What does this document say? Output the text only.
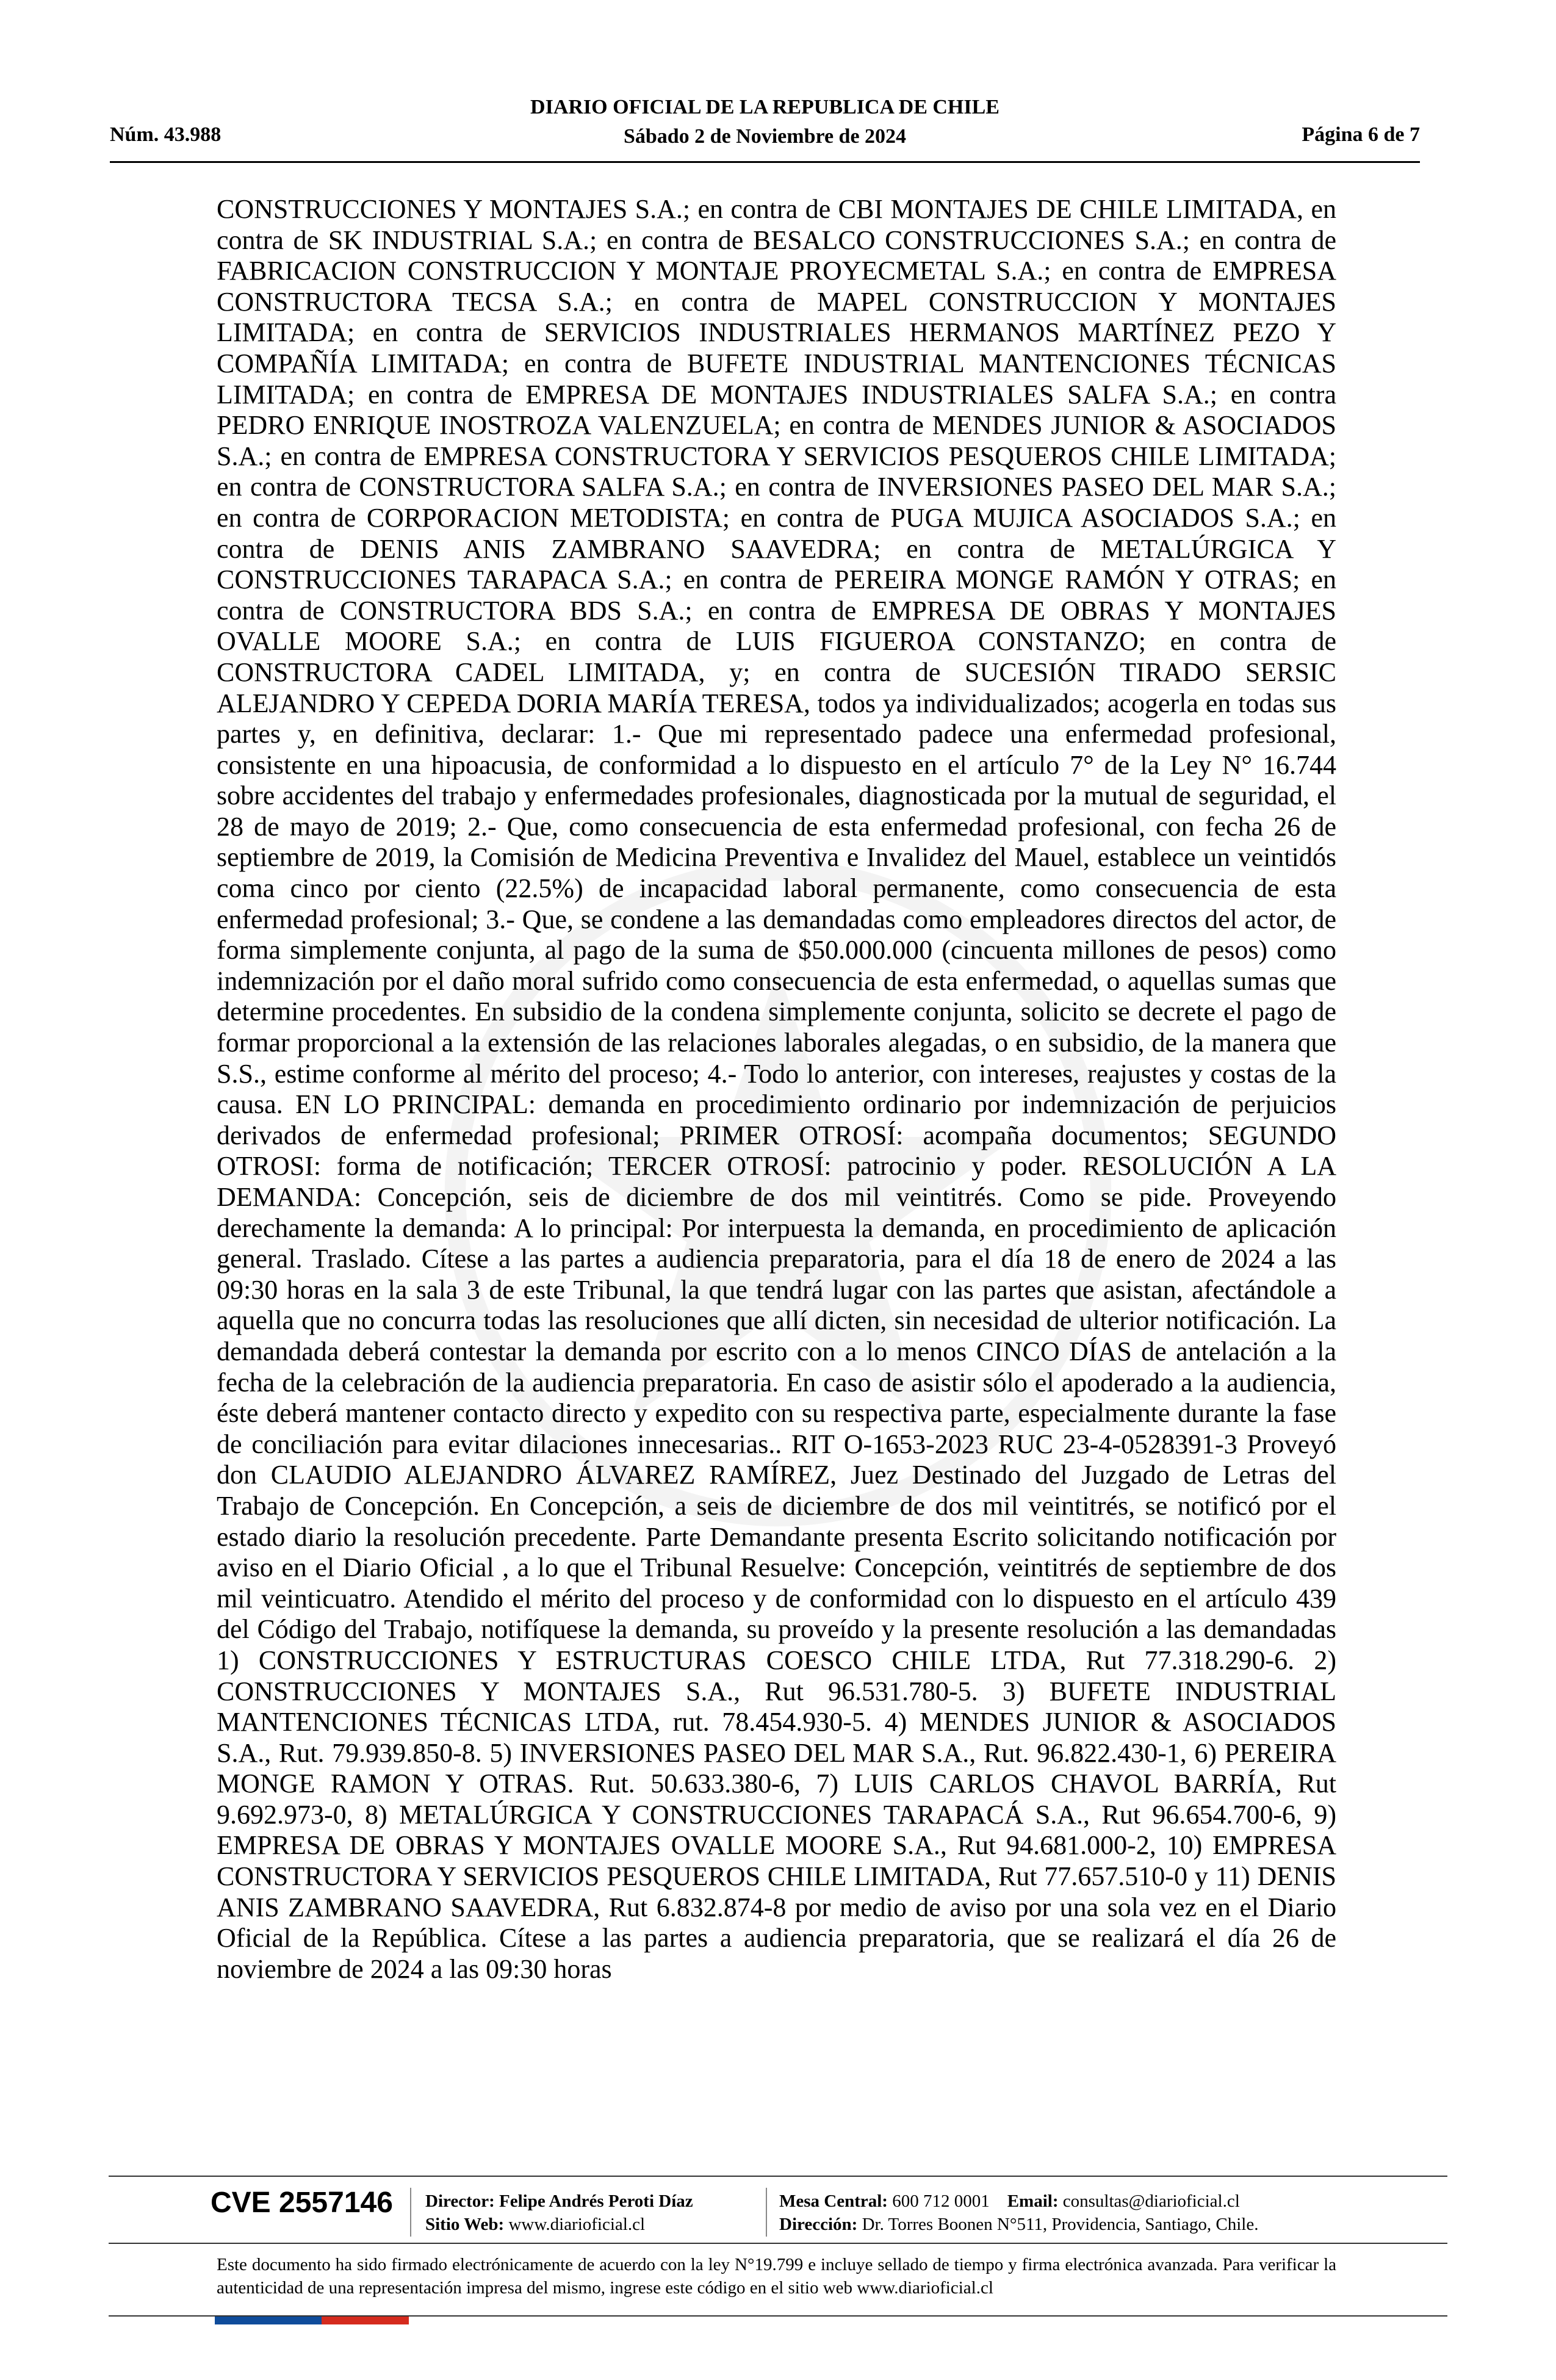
Núm. 43.988
DIARIO OFICIAL DE LA REPUBLICA DE CHILE
Sábado 2 de Noviembre de 2024	Página 6 de 7

CONSTRUCCIONES Y MONTAJES S.A.; en contra de CBI MONTAJES DE CHILE LIMITADA, en contra de SK INDUSTRIAL S.A.; en contra de BESALCO CONSTRUCCIONES S.A.; en contra de FABRICACION CONSTRUCCION Y MONTAJE PROYECMETAL S.A.; en contra de EMPRESA CONSTRUCTORA TECSA S.A.; en contra de MAPEL CONSTRUCCION Y MONTAJES LIMITADA; en contra de SERVICIOS INDUSTRIALES HERMANOS MARTÍNEZ PEZO Y COMPAÑÍA LIMITADA; en contra de BUFETE INDUSTRIAL MANTENCIONES TÉCNICAS LIMITADA; en contra de EMPRESA DE MONTAJES INDUSTRIALES SALFA S.A.; en contra PEDRO ENRIQUE INOSTROZA VALENZUELA; en contra de MENDES JUNIOR & ASOCIADOS S.A.; en contra de EMPRESA CONSTRUCTORA Y SERVICIOS PESQUEROS CHILE LIMITADA; en contra de CONSTRUCTORA SALFA S.A.; en contra de INVERSIONES PASEO DEL MAR S.A.; en contra de CORPORACION METODISTA; en contra de PUGA MUJICA ASOCIADOS S.A.; en contra de DENIS ANIS ZAMBRANO SAAVEDRA; en contra de METALÚRGICA Y CONSTRUCCIONES TARAPACA S.A.; en contra de PEREIRA MONGE RAMÓN Y OTRAS; en contra de CONSTRUCTORA BDS S.A.; en contra de EMPRESA DE OBRAS Y MONTAJES OVALLE MOORE S.A.; en contra de LUIS FIGUEROA CONSTANZO; en contra de CONSTRUCTORA CADEL LIMITADA, y; en contra de SUCESIÓN TIRADO SERSIC ALEJANDRO Y CEPEDA DORIA MARÍA TERESA, todos ya individualizados; acogerla en todas sus partes y, en definitiva, declarar: 1.- Que mi representado padece una enfermedad profesional, consistente en una hipoacusia, de conformidad a lo dispuesto en el artículo 7° de la Ley N° 16.744 sobre accidentes del trabajo y enfermedades profesionales, diagnosticada por la mutual de seguridad, el 28 de mayo de 2019; 2.- Que, como consecuencia de esta enfermedad profesional, con fecha 26 de septiembre de 2019, la Comisión de Medicina Preventiva e Invalidez del Mauel, establece un veintidós coma cinco por ciento (22.5%) de incapacidad laboral permanente, como consecuencia de esta enfermedad profesional; 3.- Que, se condene a las demandadas como empleadores directos del actor, de forma simplemente conjunta, al pago de la suma de $50.000.000 (cincuenta millones de pesos) como indemnización por el daño moral sufrido como consecuencia de esta enfermedad, o aquellas sumas que determine procedentes. En subsidio de la condena simplemente conjunta, solicito se decrete el pago de formar proporcional a la extensión de las relaciones laborales alegadas, o en subsidio, de la manera que S.S., estime conforme al mérito del proceso; 4.- Todo lo anterior, con intereses, reajustes y costas de la causa. EN LO PRINCIPAL: demanda en procedimiento ordinario por indemnización de perjuicios derivados de enfermedad profesional; PRIMER OTROSÍ: acompaña documentos; SEGUNDO OTROSI: forma de notificación; TERCER OTROSÍ: patrocinio y poder. RESOLUCIÓN A LA DEMANDA: Concepción, seis de diciembre de dos mil veintitrés. Como se pide. Proveyendo derechamente la demanda: A lo principal: Por interpuesta la demanda, en procedimiento de aplicación general. Traslado. Cítese a las partes a audiencia preparatoria, para el día 18 de enero de 2024 a las 09:30 horas en la sala 3 de este Tribunal, la que tendrá lugar con las partes que asistan, afectándole a aquella que no concurra todas las resoluciones que allí dicten, sin necesidad de ulterior notificación. La demandada deberá contestar la demanda por escrito con a lo menos CINCO DÍAS de antelación a la fecha de la celebración de la audiencia preparatoria. En caso de asistir sólo el apoderado a la audiencia, éste deberá mantener contacto directo y expedito con su respectiva parte, especialmente durante la fase de conciliación para evitar dilaciones innecesarias.. RIT O-1653-2023 RUC 23-4-0528391-3 Proveyó don CLAUDIO ALEJANDRO ÁLVAREZ RAMÍREZ, Juez Destinado del Juzgado de Letras del Trabajo de Concepción. En Concepción, a seis de diciembre de dos mil veintitrés, se notificó por el estado diario la resolución precedente. Parte Demandante presenta Escrito solicitando notificación por aviso en el Diario Oficial , a lo que el Tribunal Resuelve: Concepción, veintitrés de septiembre de dos mil veinticuatro. Atendido el mérito del proceso y de conformidad con lo dispuesto en el artículo 439 del Código del Trabajo, notifíquese la demanda, su proveído y la presente resolución a las demandadas 1) CONSTRUCCIONES Y ESTRUCTURAS COESCO CHILE LTDA, Rut 77.318.290-6. 2) CONSTRUCCIONES Y MONTAJES S.A., Rut 96.531.780-5. 3) BUFETE INDUSTRIAL MANTENCIONES TÉCNICAS LTDA, rut. 78.454.930-5. 4) MENDES JUNIOR & ASOCIADOS S.A., Rut. 79.939.850-8. 5) INVERSIONES PASEO DEL MAR S.A., Rut. 96.822.430-1, 6) PEREIRA MONGE RAMON Y OTRAS. Rut. 50.633.380-6, 7) LUIS CARLOS CHAVOL BARRÍA, Rut 9.692.973-0, 8) METALÚRGICA Y CONSTRUCCIONES TARAPACÁ S.A., Rut 96.654.700-6, 9) EMPRESA DE OBRAS Y MONTAJES OVALLE MOORE S.A., Rut 94.681.000-2, 10) EMPRESA CONSTRUCTORA Y SERVICIOS PESQUEROS CHILE LIMITADA, Rut 77.657.510-0 y 11) DENIS ANIS ZAMBRANO SAAVEDRA, Rut 6.832.874-8 por medio de aviso por una sola vez en el Diario Oficial de la República. Cítese a las partes a audiencia preparatoria, que se realizará el día 26 de noviembre de 2024 a las 09:30 horas

CVE 2557146 Director: Felipe Andrés Peroti Díaz
Sitio Web: www.diarioficial.cl
Mesa Central: 600 712 0001 Email: consultas@diarioficial.cl
Dirección: Dr. Torres Boonen N°511, Providencia, Santiago, Chile.
Este documento ha sido firmado electrónicamente de acuerdo con la ley N°19.799 e incluye sellado de tiempo y firma electrónica avanzada. Para verificar la autenticidad de una representación impresa del mismo, ingrese este código en el sitio web www.diarioficial.cl
